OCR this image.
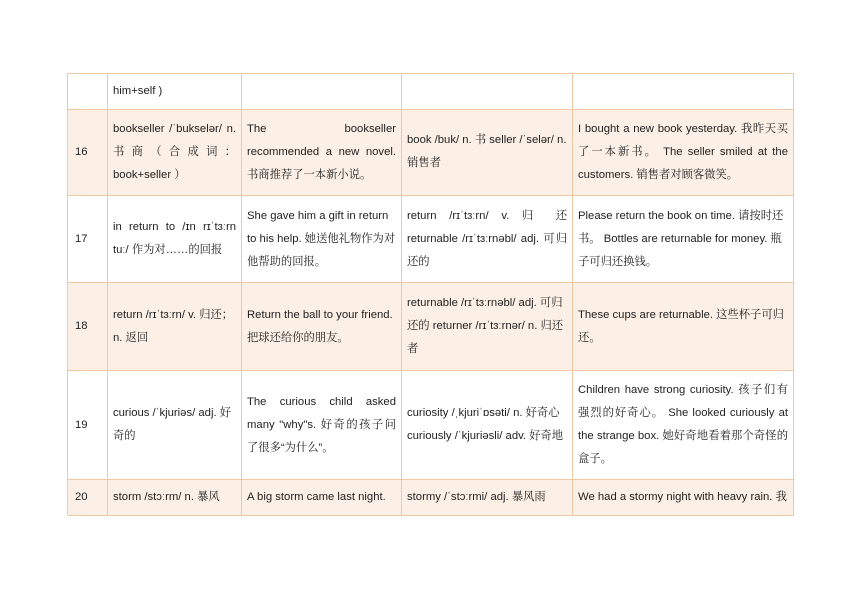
him+self )
16
bookseller /ˈbukselər/ n. 书 商 （ 合 成 词 ： book+seller ）
The bookseller recommended a new novel. 书商推荐了一本新小说。
book /buk/ n. 书 seller /ˈselər/ n. 销售者
I bought a new book yesterday. 我昨天买了一本新书。 The seller smiled at the customers. 销售者对顾客微笑。
17
in return to /ɪn rɪˈtɜːrn tuː/ 作为对……的回报
She gave him a gift in return to his help. 她送他礼物作为对他帮助的回报。
return /rɪˈtɜːrn/ v. 归 还 returnable /rɪˈtɜːrnəbl/ adj. 可归还的
Please return the book on time. 请按时还书。 Bottles are returnable for money. 瓶子可归还换钱。
18
return /rɪˈtɜːrn/ v. 归还； n. 返回
Return the ball to your friend. 把球还给你的朋友。
returnable /rɪˈtɜːrnəbl/ adj. 可归还的 returner /rɪˈtɜːrnər/ n. 归还者
These cups are returnable. 这些杯子可归还。
19
curious /ˈkjuriəs/ adj. 好奇的
The curious child asked many "why"s. 好奇的孩子问了很多“为什么”。
curiosity /ˌkjuriˈɒsəti/ n. 好奇心 curiously /ˈkjuriəsli/ adv. 好奇地
Children have strong curiosity. 孩子们有强烈的好奇心。 She looked curiously at the strange box. 她好奇地看着那个奇怪的盒子。
20 storm /stɔːrm/ n. 暴风 A big storm came last night. stormy /ˈstɔːrmi/ adj. 暴风雨	We had a stormy night with heavy rain. 我
